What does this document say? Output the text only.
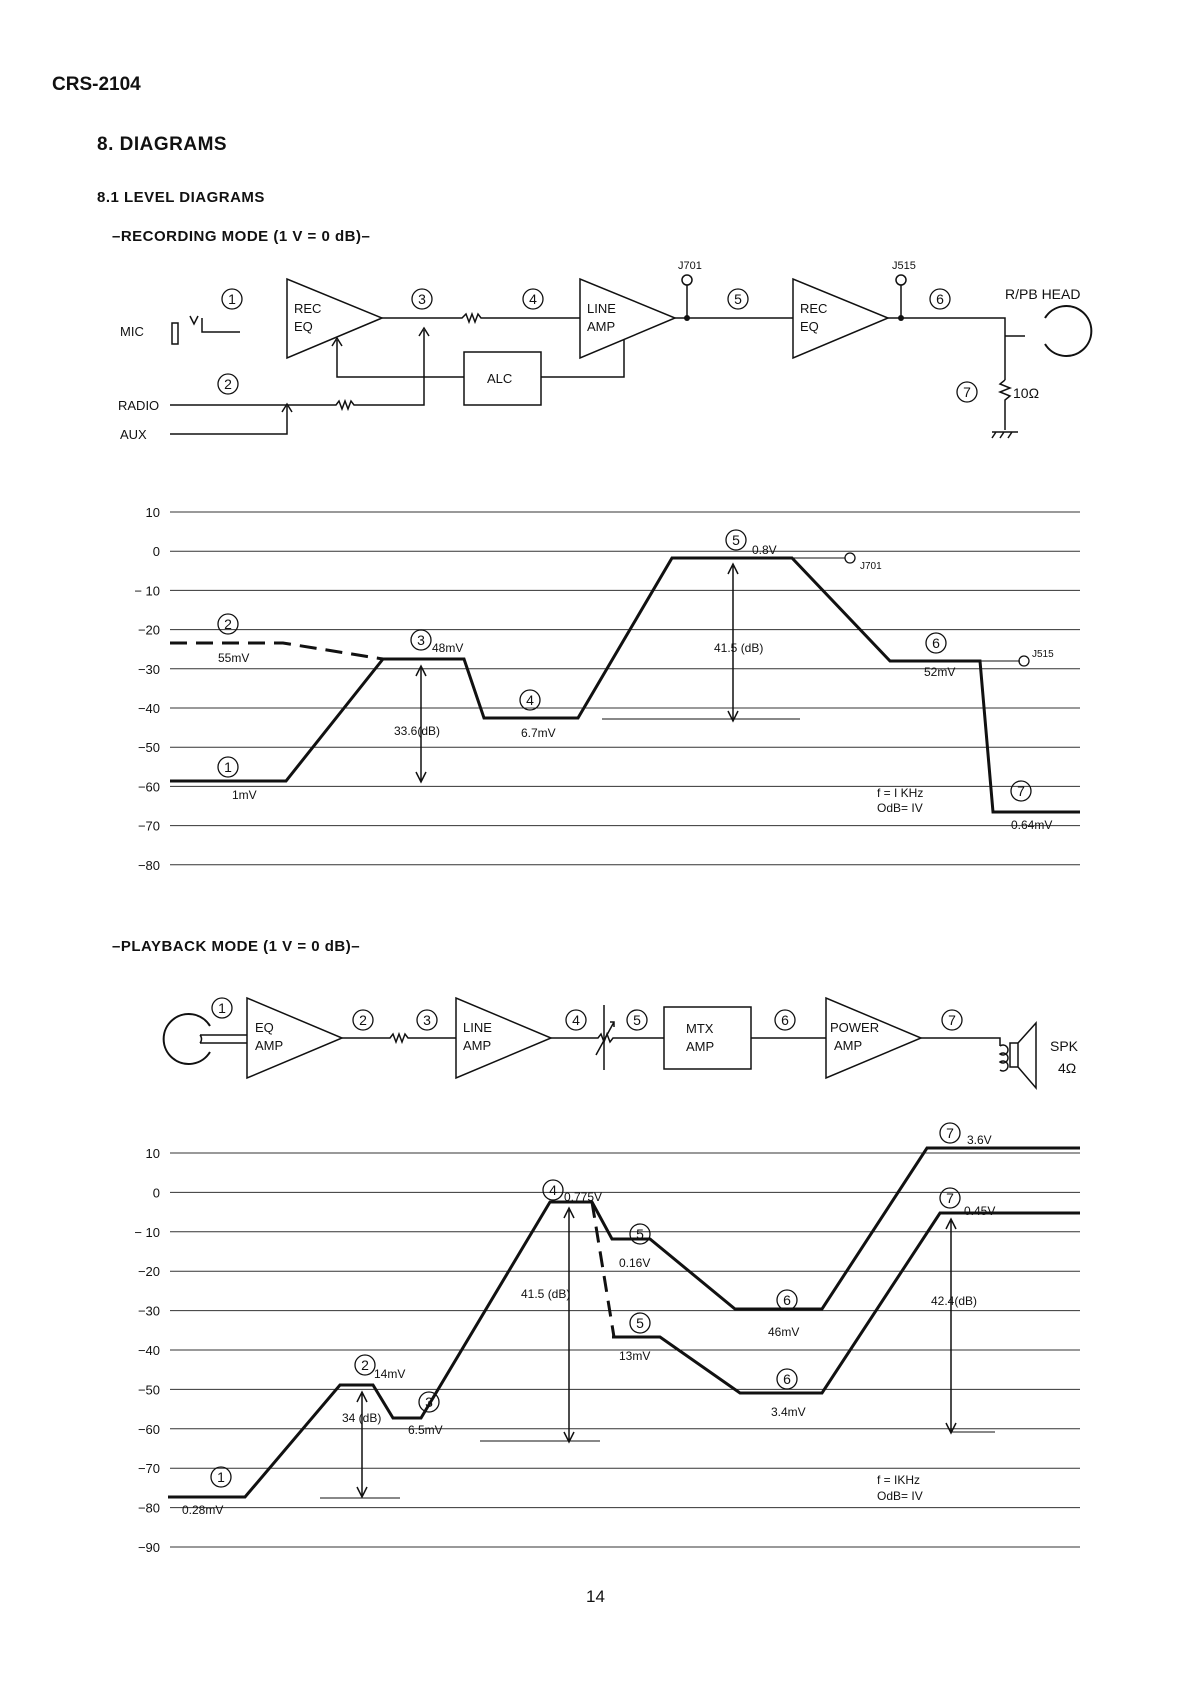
CRS-2104
8. DIAGRAMS
8.1 LEVEL DIAGRAMS
–RECORDING MODE (1 V = 0 dB)–
–PLAYBACK MODE (1 V = 0 dB)–
14
MIC
REC
EQ
LINE
AMP
J701
REC
EQ
J515
R/PB HEAD
10Ω
ALC
RADIO
AUX
1
2
3	4	5	6
7
10
0
− 10
−20
−30
−40
−50
−60
−70
−80
1
2
3
4
5
6
7
1mV
55mV
48mV
6.7mV
0.8V
52mV
0.64mV
J701
J515
33.6(dB)
41.5 (dB)
f = I KHz
OdB= IV
EQ
AMP
LINE
AMP
MTX
AMP
POWER
AMP	SPK
4Ω
1
2	3	4	5	6	7
10
0
− 10
−20
−30
−40
−50
−60
−70
−80
−90
1
2
3
4
5
5
6
6
7
7
0.28mV
14mV
6.5mV
0.775V
0.16V
13mV
46mV
3.4mV
3.6V
0.45V
34 (dB)
41.5 (dB)	42.4(dB)
f = IKHz
OdB= IV
